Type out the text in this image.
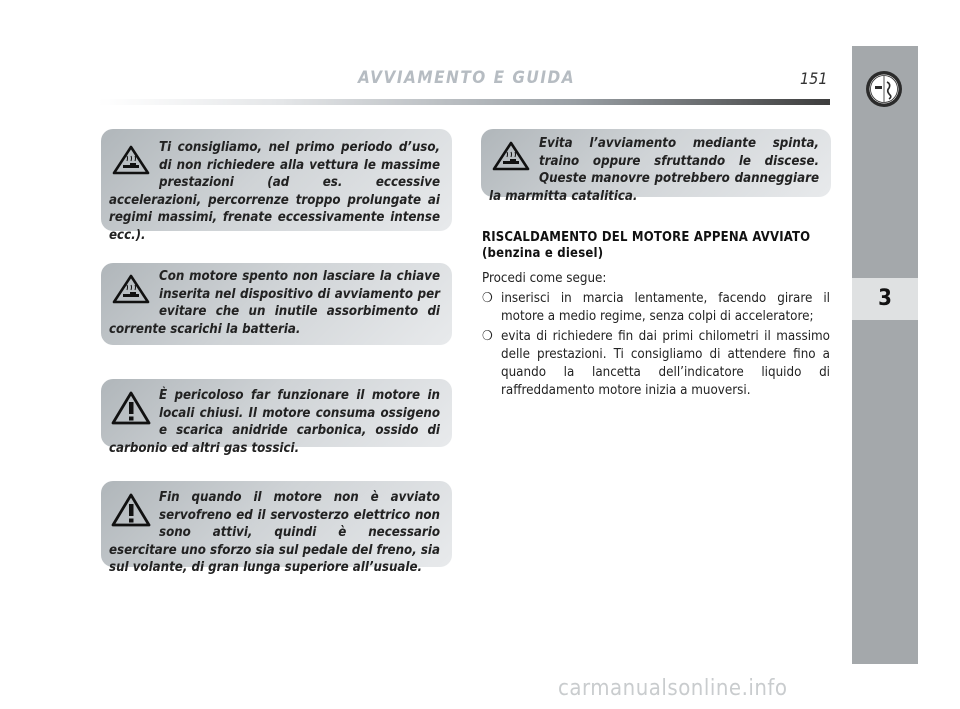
AVVIAMENTO E GUIDA	151
3
Ti consigliamo, nel primo periodo d’uso, di non richiedere alla vettura le massime prestazioni (ad es. eccessive accelerazioni, percorrenze troppo prolungate ai regimi massimi, frenate eccessivamente intense ecc.).
Con motore spento non lasciare la chiave inserita nel dispositivo di avviamento per evitare che un inutile assorbimento di corrente scarichi la batteria.
È pericoloso far funzionare il motore in locali chiusi. Il motore consuma ossigeno e scarica anidride carbonica, ossido di carbonio ed altri gas tossici.
Fin quando il motore non è avviato servofreno ed il servosterzo elettrico non sono attivi, quindi è necessario esercitare uno sforzo sia sul pedale del freno, sia sul volante, di gran lunga superiore all’usuale.
Evita l’avviamento mediante spinta, traino oppure sfruttando le discese. Queste manovre potrebbero danneggiare la marmitta catalitica.
RISCALDAMENTO DEL MOTORE APPENA AVVIATO (benzina e diesel)
Procedi come segue:
❍ inserisci in marcia lentamente, facendo girare il motore a medio regime, senza colpi di acceleratore;
❍ evita di richiedere fin dai primi chilometri il massimo delle prestazioni. Ti consigliamo di attendere fino a quando la lancetta dell’indicatore liquido di raffreddamento motore inizia a muoversi.
carmanualsonline.info
